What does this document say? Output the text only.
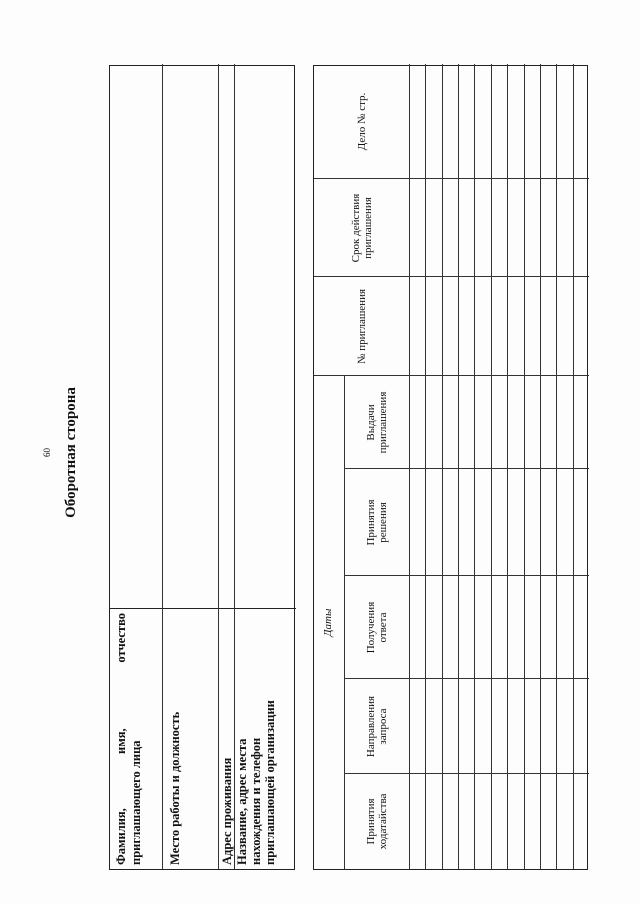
60 Оборотная сторона
Фамилия,
имя,
отчество
приглашающего лица Место работы и должность	Адрес проживания Название, адрес места нахождения и телефон приглашающей организации
Даты
Принятия ходатайства
Направления запроса
Получения ответа
Принятия решения
Выдачи приглашения
№ приглашения
Срок действия приглашения
Дело № стр.
